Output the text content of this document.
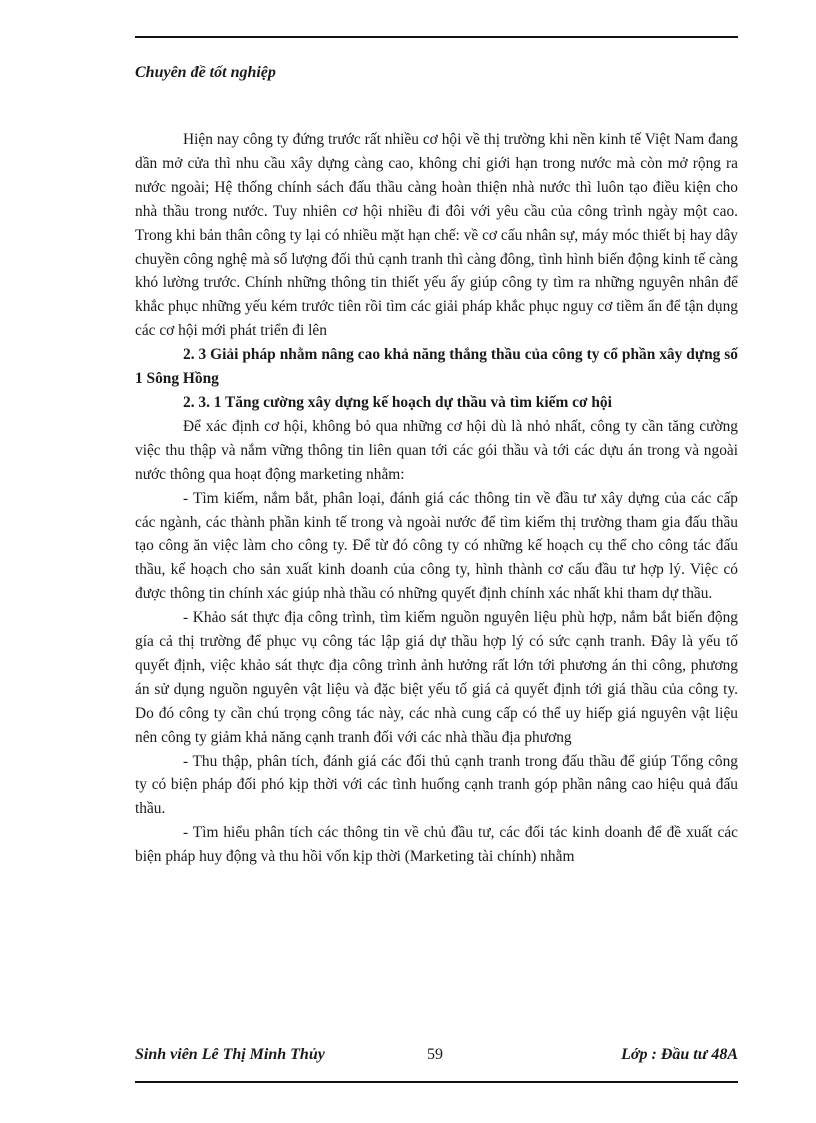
Chuyên đề tốt nghiệp

Hiện nay công ty đứng trước rất nhiều cơ hội về thị trường khi nền kinh tế Việt Nam đang dần mở cửa thì nhu cầu xây dựng càng cao, không chỉ giới hạn trong nước mà còn mở rộng ra nước ngoài; Hệ thống chính sách đấu thầu càng hoàn thiện nhà nước thì luôn tạo điều kiện cho nhà thầu trong nước. Tuy nhiên cơ hội nhiều đi đôi với yêu cầu của công trình ngày một cao. Trong khi bản thân công ty lại có nhiều mặt hạn chế: về cơ cấu nhân sự, máy móc thiết bị hay dây chuyền công nghệ mà số lượng đối thủ cạnh tranh thì càng đông, tình hình biến động kinh tế càng khó lường trước. Chính những thông tin thiết yếu ấy giúp công ty tìm ra những nguyên nhân để khắc phục những yếu kém trước tiên rồi tìm các giải pháp khắc phục nguy cơ tiềm ẩn để tận dụng các cơ hội mới phát triển đi lên

2. 3 Giải pháp nhằm nâng cao khả năng thắng thầu của công ty cổ phần xây dựng số 1 Sông Hồng

2. 3. 1 Tăng cường xây dựng kế hoạch dự thầu và tìm kiếm cơ hội

Để xác định cơ hội, không bỏ qua những cơ hội dù là nhỏ nhất, công ty cần tăng cường việc thu thập và nắm vững thông tin liên quan tới các gói thầu và tới các dựu án trong và ngoài nước thông qua hoạt động marketing nhằm:

- Tìm kiếm, nắm bắt, phân loại, đánh giá các thông tin về đầu tư xây dựng của các cấp các ngành, các thành phần kinh tế trong và ngoài nước để tìm kiếm thị trường tham gia đấu thầu tạo công ăn việc làm cho công ty. Để từ đó công ty có những kế hoạch cụ thể cho công tác đấu thầu, kế hoạch cho sản xuất kinh doanh của công ty, hình thành cơ cấu đầu tư hợp lý. Việc có được thông tin chính xác giúp nhà thầu có những quyết định chính xác nhất khi tham dự thầu.

- Khảo sát thực địa công trình, tìm kiếm nguồn nguyên liệu phù hợp, nắm bắt biến động gía cả thị trường để phục vụ công tác lập giá dự thầu hợp lý có sức cạnh tranh. Đây là yếu tố quyết định, việc khảo sát thực địa công trình ảnh hưởng rất lớn tới phương án thi công, phương án sử dụng nguồn nguyên vật liệu và đặc biệt yếu tố giá cả quyết định tới giá thầu của công ty. Do đó công ty cần chú trọng công tác này, các nhà cung cấp có thể uy hiếp giá nguyên vật liệu nên công ty giảm khả năng cạnh tranh đối với các nhà thầu địa phương

- Thu thập, phân tích, đánh giá các đối thủ cạnh tranh trong đấu thầu để giúp Tổng công ty có biện pháp đối phó kịp thời với các tình huống cạnh tranh góp phần nâng cao hiệu quả đấu thầu.

- Tìm hiểu phân tích các thông tin về chủ đầu tư, các đối tác kinh doanh để đề xuất các biện pháp huy động và thu hồi vốn kịp thời (Marketing tài chính) nhằm

Sinh viên Lê Thị Minh Thủy	59	Lớp : Đầu tư 48A
